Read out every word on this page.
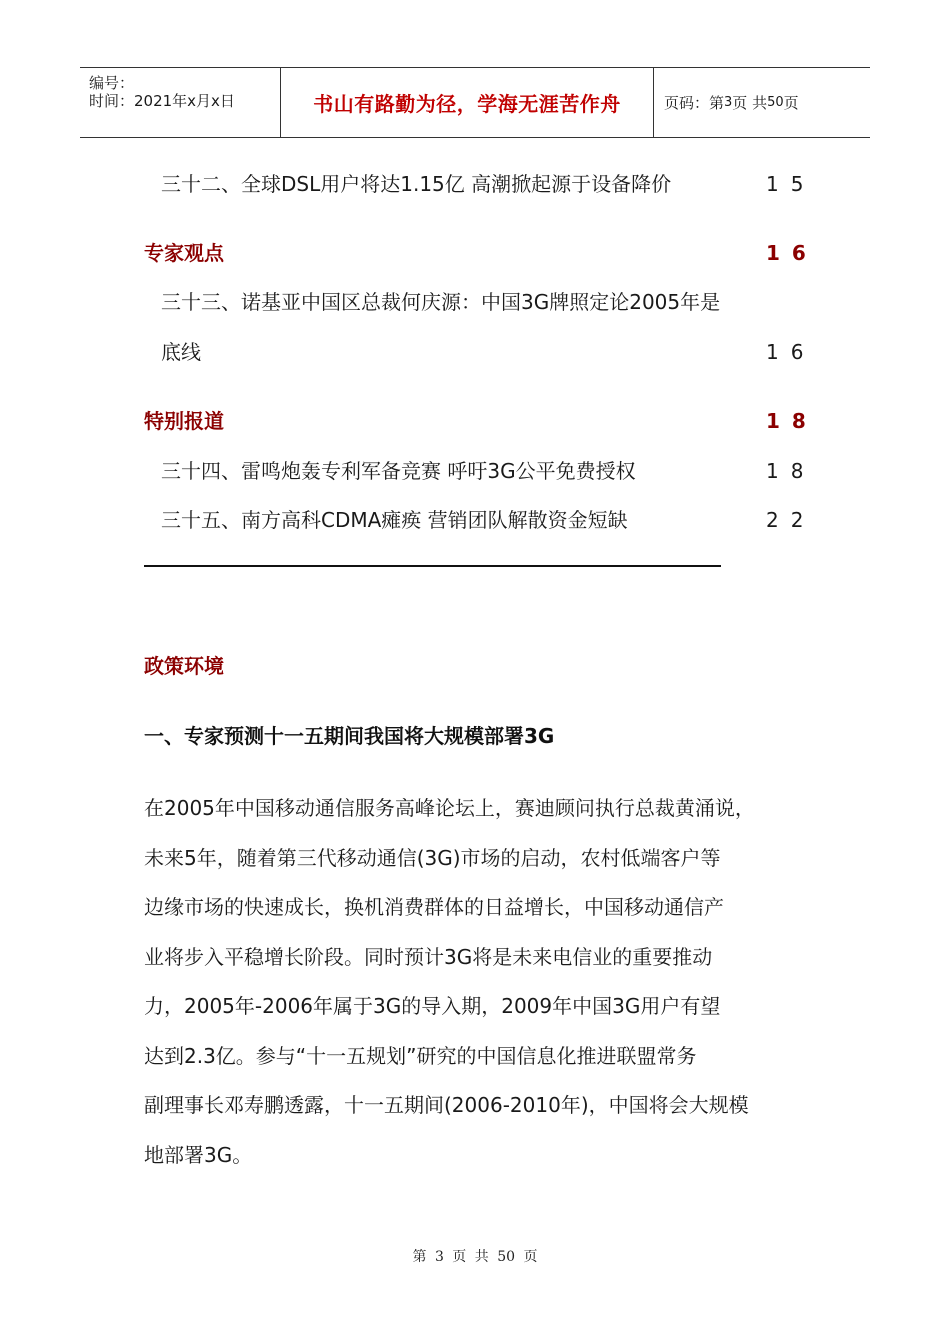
编号：
时间：2021年x月x日	书山有路勤为径，学海无涯苦作舟	页码：第 3 页 共 50 页
三十二、全球DSL用户将达1.15亿 高潮掀起源于设备降价	15
专家观点	16
三十三、诺基亚中国区总裁何庆源：中国3G牌照定论2005年是
底线	16
特别报道	18
三十四、雷鸣炮轰专利军备竞赛 呼吁3G公平免费授权	18
三十五、南方高科CDMA瘫痪 营销团队解散资金短缺	22
政策环境
一、专家预测十一五期间我国将大规模部署3G
在2005年中国移动通信服务高峰论坛上，赛迪顾问执行总裁黄涌说，
未来5年，随着第三代移动通信(3G)市场的启动，农村低端客户等
边缘市场的快速成长，换机消费群体的日益增长，中国移动通信产
业将步入平稳增长阶段。同时预计3G将是未来电信业的重要推动
力，2005年-2006年属于3G的导入期，2009年中国3G用户有望
达到2.3亿。参与“十一五规划”研究的中国信息化推进联盟常务
副理事长邓寿鹏透露，十一五期间(2006-2010年)，中国将会大规模
地部署3G。
第 3 页 共 50 页
